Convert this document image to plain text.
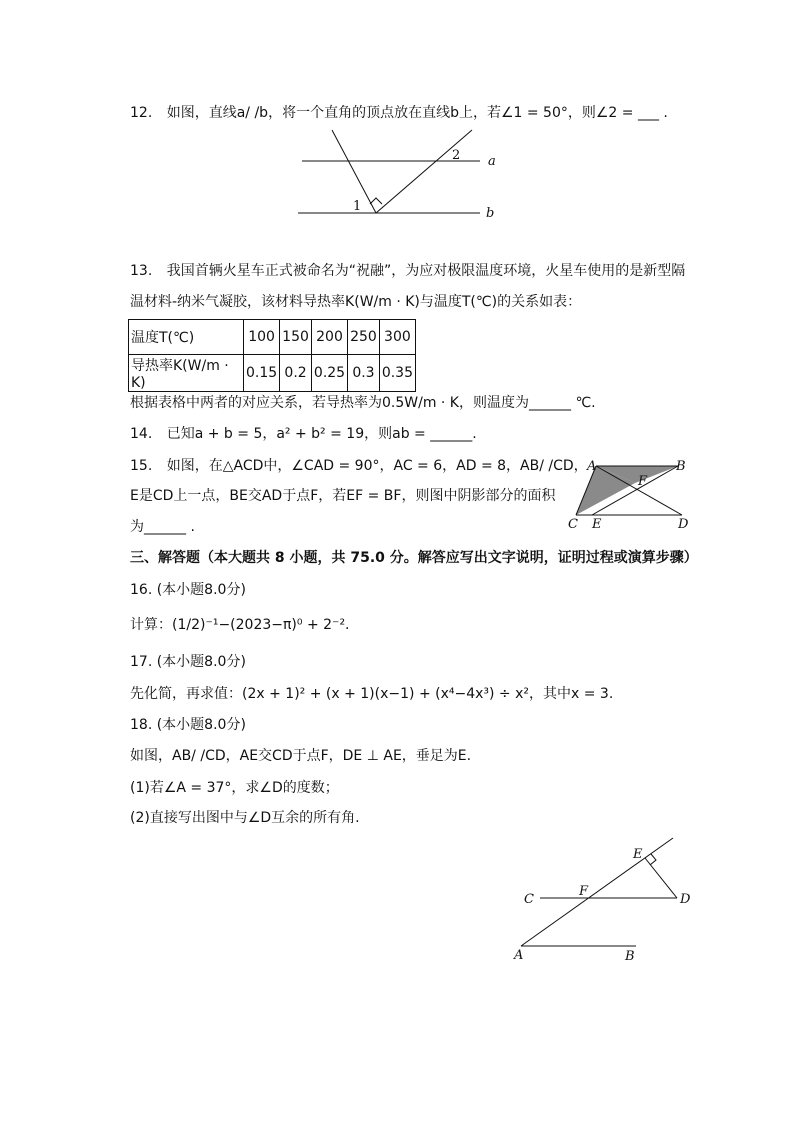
12. 如图，直线a/ /b，将一个直角的顶点放在直线b上，若∠1 = 50°，则∠2 = ___ .
a
b
1
2
13. 我国首辆火星车正式被命名为“祝融”，为应对极限温度环境，火星车使用的是新型隔
温材料-纳米气凝胶，该材料导热率K(W/m · K)与温度T(℃)的关系如表：
温度T(℃)	100	150	200	250	300
导热率K(W/m · K)	0.15	0.2	0.25	0.3	0.35
根据表格中两者的对应关系，若导热率为0.5W/m · K，则温度为______ ℃.
14. 已知a + b = 5，a² + b² = 19，则ab = ______.
15. 如图，在△ACD中，∠CAD = 90°，AC = 6，AD = 8，AB/ /CD，
E是CD上一点，BE交AD于点F，若EF = BF，则图中阴影部分的面积
为______ .
A	B
F
C E	D
三、解答题（本大题共 8 小题，共 75.0 分。解答应写出文字说明，证明过程或演算步骤）
16. (本小题8.0分)
计算：(1/2)⁻¹−(2023−π)⁰ + 2⁻².
17. (本小题8.0分)
先化简，再求值：(2x + 1)² + (x + 1)(x−1) + (x⁴−4x³) ÷ x²，其中x = 3.
18. (本小题8.0分)
如图，AB/ /CD，AE交CD于点F，DE ⊥ AE，垂足为E.
(1)若∠A = 37°，求∠D的度数；
(2)直接写出图中与∠D互余的所有角.
E
C
F
D
A	B
